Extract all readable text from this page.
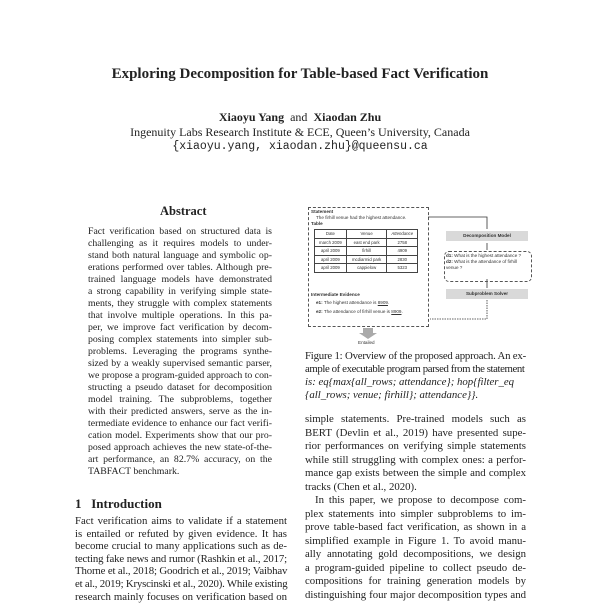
Exploring Decomposition for Table-based Fact Verification
Xiaoyu Yang and Xiaodan Zhu
Ingenuity Labs Research Institute & ECE, Queen’s University, Canada
{xiaoyu.yang, xiaodan.zhu}@queensu.ca
Abstract
Fact verification based on structured data is
challenging as it requires models to under-
stand both natural language and symbolic op-
erations performed over tables. Although pre-
trained language models have demonstrated
a strong capability in verifying simple state-
ments, they struggle with complex statements
that involve multiple operations. In this pa-
per, we improve fact verification by decom-
posing complex statements into simpler sub-
problems. Leveraging the programs synthe-
sized by a weakly supervised semantic parser,
we propose a program-guided approach to con-
structing a pseudo dataset for decomposition
model training. The subproblems, together
with their predicted answers, serve as the in-
termediate evidence to enhance our fact verifi-
cation model. Experiments show that our pro-
posed approach achieves the new state-of-the-
art performance, an 82.7% accuracy, on the
TABFACT benchmark.
1 Introduction
Fact verification aims to validate if a statement
is entailed or refuted by given evidence. It has
become crucial to many applications such as de-
tecting fake news and rumor (Rashkin et al., 2017;
Thorne et al., 2018; Goodrich et al., 2019; Vaibhav
et al., 2019; Kryscinski et al., 2020). While existing
research mainly focuses on verification based on
Statement
The firhill venue had the highest attendance.
Table
Date	Venue	Attendance
march 2009	east end park	2758
april 2009	firhill	4909
april 2009	mcdiarmid park	2830
april 2009	cappielow	5323
Intermediate Evidence
e1: The highest attendance is 8909.
e2: The attendance of firhill venue is 8909.
Entailed
Decomposition Model
d1: What is the highest attendance ?
d2: What is the attendance of firhill venue ?
Subproblem Solver
Figure 1: Overview of the proposed approach. An ex-
ample of executable program parsed from the statement
is: eq{max{all_rows; attendance}; hop{filter_eq
{all_rows; venue; firhill}; attendance}}.
simple statements. Pre-trained models such as
BERT (Devlin et al., 2019) have presented supe-
rior performances on verifying simple statements
while still struggling with complex ones: a perfor-
mance gap exists between the simple and complex
tracks (Chen et al., 2020).
In this paper, we propose to decompose com-
plex statements into simpler subproblems to im-
prove table-based fact verification, as shown in a
simplified example in Figure 1. To avoid manu-
ally annotating gold decompositions, we design
a program-guided pipeline to collect pseudo de-
compositions for training generation models by
distinguishing four major decomposition types and
